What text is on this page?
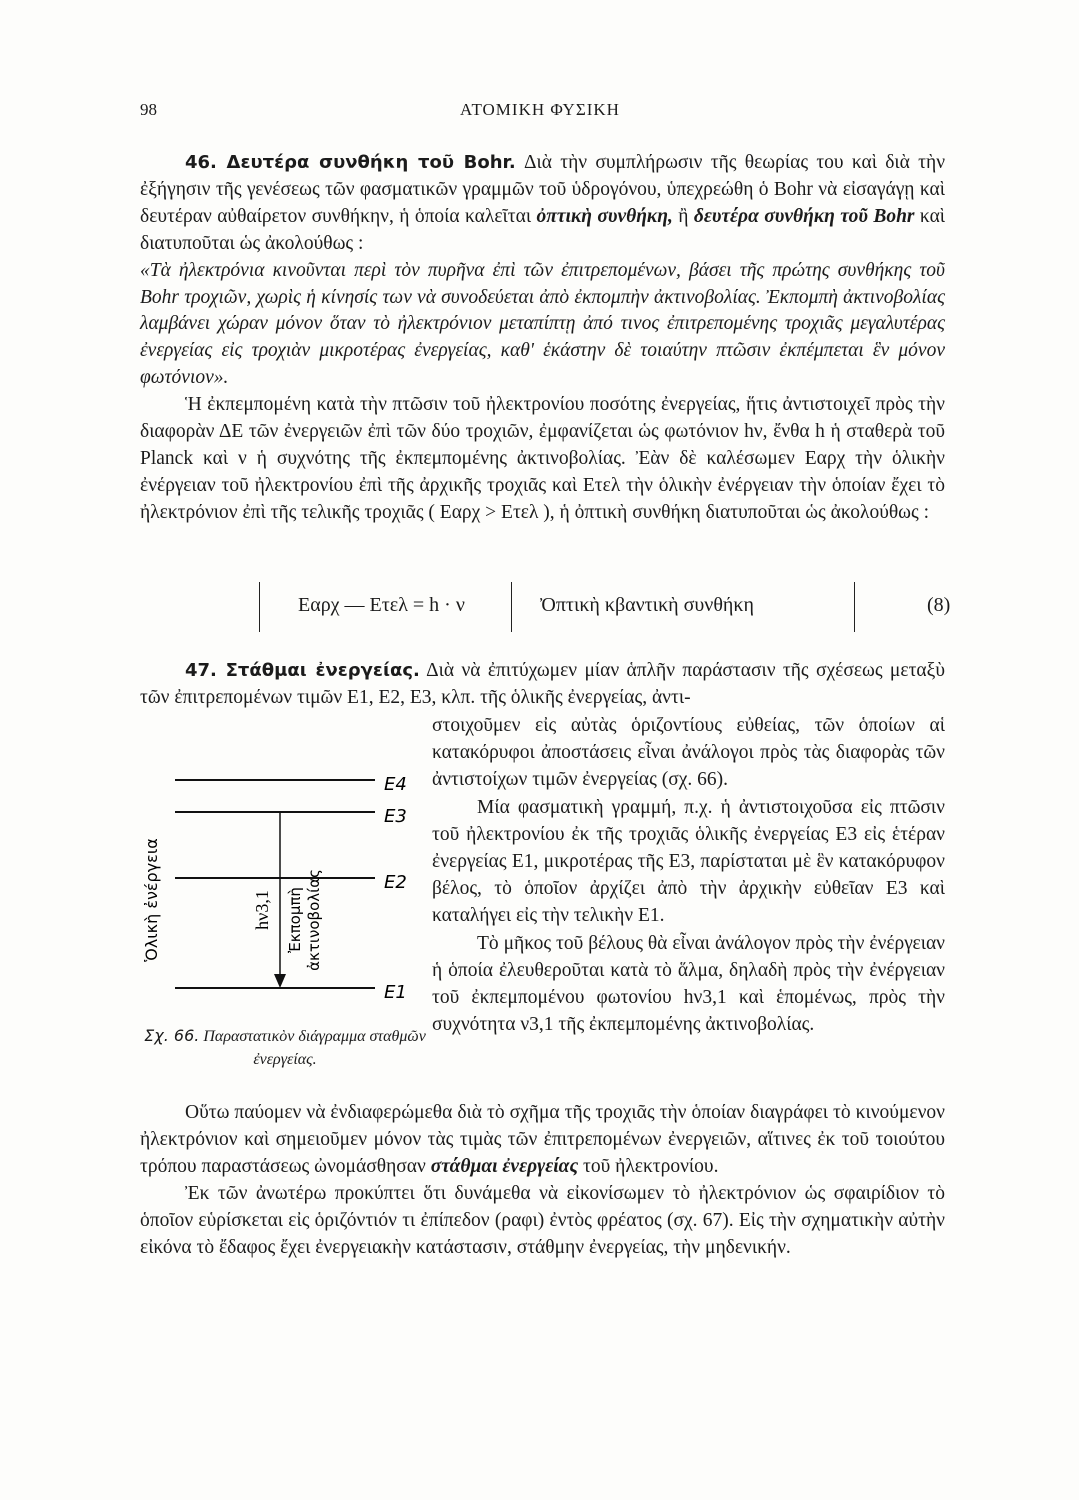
98	ΑΤΟΜΙΚΗ ΦΥΣΙΚΗ

46. Δευτέρα συνθήκη τοῦ Bohr. Διὰ τὴν συμπλήρωσιν τῆς θεωρίας του καὶ διὰ τὴν ἐξήγησιν τῆς γενέσεως τῶν φασματικῶν γραμμῶν τοῦ ὑδρογόνου, ὑπεχρεώθη ὁ Bohr νὰ εἰσαγάγῃ καὶ δευτέραν αὐθαίρετον συνθήκην, ἡ ὁποία καλεῖται ὀπτικὴ συνθήκη, ἢ δευτέρα συνθήκη τοῦ Bohr καὶ διατυποῦται ὡς ἀκολούθως :

«Τὰ ἠλεκτρόνια κινοῦνται περὶ τὸν πυρῆνα ἐπὶ τῶν ἐπιτρεπομένων, βάσει τῆς πρώτης συνθήκης τοῦ Bohr τροχιῶν, χωρὶς ἡ κίνησίς των νὰ συνοδεύεται ἀπὸ ἐκπομπὴν ἀκτινοβολίας. Ἐκπομπὴ ἀκτινοβολίας λαμβάνει χώραν μόνον ὅταν τὸ ἠλεκτρόνιον μεταπίπτῃ ἀπό τινος ἐπιτρεπομένης τροχιᾶς μεγαλυτέρας ἐνεργείας εἰς τροχιὰν μικροτέρας ἐνεργείας, καθ' ἑκάστην δὲ τοιαύτην πτῶσιν ἐκπέμπεται ἓν μόνον φωτόνιον».

Ἡ ἐκπεμπομένη κατὰ τὴν πτῶσιν τοῦ ἠλεκτρονίου ποσότης ἐνεργείας, ἥτις ἀντιστοιχεῖ πρὸς τὴν διαφορὰν ΔΕ τῶν ἐνεργειῶν ἐπὶ τῶν δύο τροχιῶν, ἐμφανίζεται ὡς φωτόνιον hν, ἔνθα h ἡ σταθερὰ τοῦ Planck καὶ ν ἡ συχνότης τῆς ἐκπεμπομένης ἀκτινοβολίας. Ἐὰν δὲ καλέσωμεν Eαρχ τὴν ὁλικὴν ἐνέργειαν τοῦ ἠλεκτρονίου ἐπὶ τῆς ἀρχικῆς τροχιᾶς καὶ Eτελ τὴν ὁλικὴν ἐνέργειαν τὴν ὁποίαν ἔχει τὸ ἠλεκτρόνιον ἐπὶ τῆς τελικῆς τροχιᾶς ( Eαρχ > Eτελ ), ἡ ὀπτικὴ συνθήκη διατυποῦται ὡς ἀκολούθως :

Eαρχ — Eτελ = h · ν	Ὀπτικὴ κβαντικὴ συνθήκη	(8)

47. Στάθμαι ἐνεργείας. Διὰ νὰ ἐπιτύχωμεν μίαν ἁπλῆν παράστασιν τῆς σχέσεως μεταξὺ τῶν ἐπιτρεπομένων τιμῶν E1, E2, E3, κλπ. τῆς ὁλικῆς ἐνεργείας, ἀντι-

E4
E3
E2
E1
Ὁλικὴ ἐνέργεια	hν3,1 Ἐκπομπὴ ἀκτινοβολίας
Σχ. 66. Παραστατικὸν διάγραμμα σταθμῶν ἐνεργείας.

στοιχοῦμεν εἰς αὐτὰς ὁριζοντίους εὐθείας, τῶν ὁποίων αἱ κατακόρυφοι ἀποστάσεις εἶναι ἀνάλογοι πρὸς τὰς διαφορὰς τῶν ἀντιστοίχων τιμῶν ἐνεργείας (σχ. 66).

Μία φασματικὴ γραμμή, π.χ. ἡ ἀντιστοιχοῦσα εἰς πτῶσιν τοῦ ἠλεκτρονίου ἐκ τῆς τροχιᾶς ὁλικῆς ἐνεργείας E3 εἰς ἑτέραν ἐνεργείας E1, μικροτέρας τῆς E3, παρίσταται μὲ ἓν κατακόρυφον βέλος, τὸ ὁποῖον ἀρχίζει ἀπὸ τὴν ἀρχικὴν εὐθεῖαν E3 καὶ καταλήγει εἰς τὴν τελικὴν E1.

Τὸ μῆκος τοῦ βέλους θὰ εἶναι ἀνάλογον πρὸς τὴν ἐνέργειαν ἡ ὁποία ἐλευθεροῦται κατὰ τὸ ἅλμα, δηλαδὴ πρὸς τὴν ἐνέργειαν τοῦ ἐκπεμπομένου φωτονίου hν3,1 καὶ ἑπομένως, πρὸς τὴν συχνότητα ν3,1 τῆς ἐκπεμπομένης ἀκτινοβολίας.

Οὕτω παύομεν νὰ ἐνδιαφερώμεθα διὰ τὸ σχῆμα τῆς τροχιᾶς τὴν ὁποίαν διαγράφει τὸ κινούμενον ἠλεκτρόνιον καὶ σημειοῦμεν μόνον τὰς τιμὰς τῶν ἐπιτρεπομένων ἐνεργειῶν, αἵτινες ἐκ τοῦ τοιούτου τρόπου παραστάσεως ὠνομάσθησαν στάθμαι ἐνεργείας τοῦ ἠλεκτρονίου.

Ἐκ τῶν ἀνωτέρω προκύπτει ὅτι δυνάμεθα νὰ εἰκονίσωμεν τὸ ἠλεκτρόνιον ὡς σφαιρίδιον τὸ ὁποῖον εὑρίσκεται εἰς ὁριζόντιόν τι ἐπίπεδον (ραφι) ἐντὸς φρέατος (σχ. 67). Εἰς τὴν σχηματικὴν αὐτὴν εἰκόνα τὸ ἔδαφος ἔχει ἐνεργειακὴν κατάστασιν, στάθμην ἐνεργείας, τὴν μηδενικήν.
